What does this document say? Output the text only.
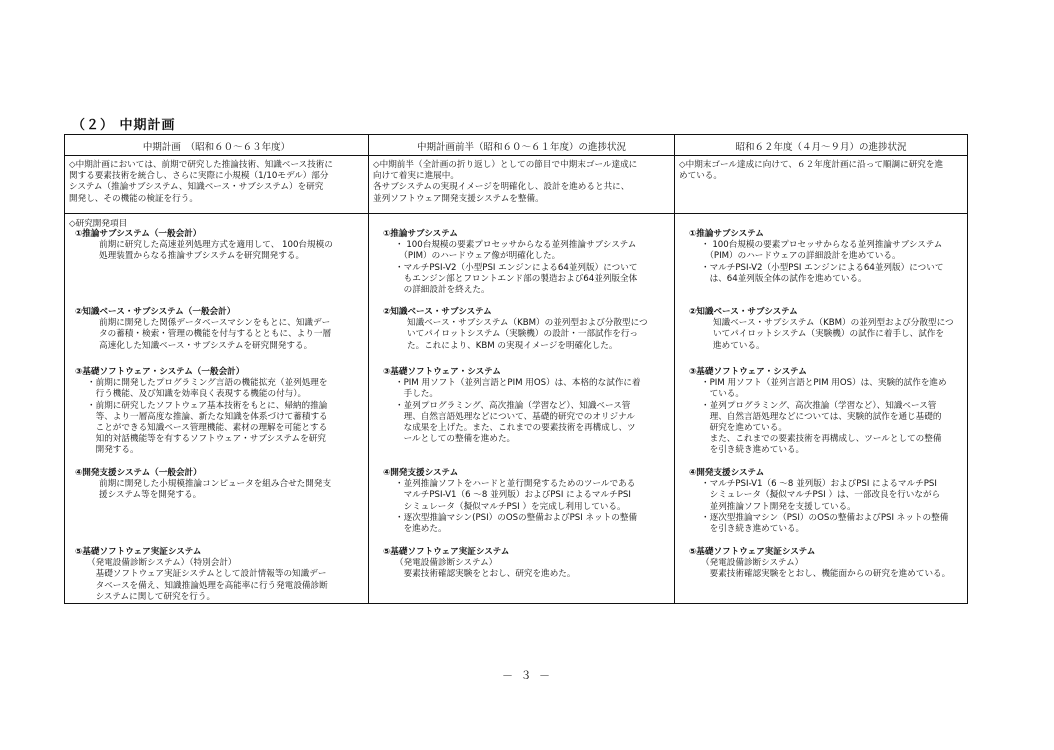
（２） 中期計画
中期計画　（昭和６０～６３年度）	中期計画前半（昭和６０～６１年度）の進捗状況	昭和６２年度（４月～９月）の進捗状況
◇中期計画においては、前期で研究した推論技術、知識ベース技術に
関する要素技術を統合し、さらに実際に小規模（1/10モデル）部分
システム（推論サブシステム、知識ベース・サブシステム）を研究
開発し、その機能の検証を行う。
◇中期前半（全計画の折り返し）としての節目で中期末ゴール達成に
向けて着実に進展中。
各サブシステムの実現イメージを明確化し、設計を進めると共に、
並列ソフトウェア開発支援システムを整備。
◇中期末ゴール達成に向けて、６２年度計画に沿って順調に研究を進
めている。
◇研究開発項目
①推論サブシステム（一般会計）
前期に研究した高速並列処理方式を適用して、 100台規模の
処理装置からなる推論サブシステムを研究開発する。
②知識ベース・サブシステム（一般会計）
前期に開発した関係データベースマシンをもとに、知識デー
タの蓄積・検索・管理の機能を付与するとともに、より一層
高速化した知識ベース・サブシステムを研究開発する。
③基礎ソフトウェア・システム（一般会計）
・前期に開発したプログラミング言語の機能拡充（並列処理を
　行う機能、及び知識を効率良く表現する機能の付与）。
・前期に研究したソフトウェア基本技術をもとに、帰納的推論
　等、より一層高度な推論、新たな知識を体系づけて蓄積する
　ことができる知識ベース管理機能、素材の理解を可能とする
　知的対話機能等を有するソフトウェア・サブシステムを研究
　開発する。
④開発支援システム（一般会計）
前期に開発した小規模推論コンピュータを組み合せた開発支
援システム等を開発する。
⑤基礎ソフトウェア実証システム
（発電設備診断システム）（特別会計）
　基礎ソフトウェア実証システムとして設計情報等の知識デー
　タベースを備え、知識推論処理を高能率に行う発電設備診断
　システムに関して研究を行う。
①推論サブシステム
・ 100台規模の要素プロセッサからなる並列推論サブシステム
　（PIM）のハードウェア像が明確化した。
・マルチPSI-V2（小型PSI エンジンによる64並列版）について
　もエンジン部とフロントエンド部の製造および64並列版全体
　の詳細設計を終えた。
②知識ベース・サブシステム
知識ベース・サブシステム（KBM）の並列型および分散型につ
いてパイロットシステム（実験機）の設計・一部試作を行っ
た。これにより、KBM の実現イメージを明確化した。
③基礎ソフトウェア・システム
・PIM 用ソフト（並列言語とPIM 用OS）は、本格的な試作に着
　手した。
・並列プログラミング、高次推論（学習など）、知識ベース管
　理、自然言語処理などについて、基礎的研究でのオリジナル
　な成果を上げた。また、これまでの要素技術を再構成し、ツ
　ールとしての整備を進めた。
④開発支援システム
・並列推論ソフトをハードと並行開発するためのツールである
　マルチPSI-V1（6 ～8 並列版）およびPSI によるマルチPSI
　シミュレータ（擬似マルチPSI ）を完成し利用している。
・逐次型推論マシン(PSI）のOSの整備およびPSI ネットの整備
　を進めた。
⑤基礎ソフトウェア実証システム
（発電設備診断システム）
　要素技術確認実験をとおし、研究を進めた。
①推論サブシステム
・ 100台規模の要素プロセッサからなる並列推論サブシステム
　（PIM）のハードウェアの詳細設計を進めている。
・マルチPSI-V2（小型PSI エンジンによる64並列版）について
　は、64並列版全体の試作を進めている。
②知識ベース・サブシステム
知識ベース・サブシステム（KBM）の並列型および分散型につ
いてパイロットシステム（実験機）の試作に着手し、試作を
進めている。
③基礎ソフトウェア・システム
・PIM 用ソフト（並列言語とPIM 用OS）は、実験的試作を進め
　ている。
・並列プログラミング、高次推論（学習など）、知識ベース管
　理、自然言語処理などについては、実験的試作を通じ基礎的
　研究を進めている。
　また、これまでの要素技術を再構成し、ツールとしての整備
　を引き続き進めている。
④開発支援システム
・マルチPSI-V1（6 ～8 並列版）およびPSI によるマルチPSI
　シミュレータ（擬似マルチPSI ）は、一部改良を行いながら
　並列推論ソフト開発を支援している。
・逐次型推論マシン（PSI）のOSの整備およびPSI ネットの整備
　を引き続き進めている。
⑤基礎ソフトウェア実証システム
（発電設備診断システム）
　要素技術確認実験をとおし、機能面からの研究を進めている。
－ ３ －
